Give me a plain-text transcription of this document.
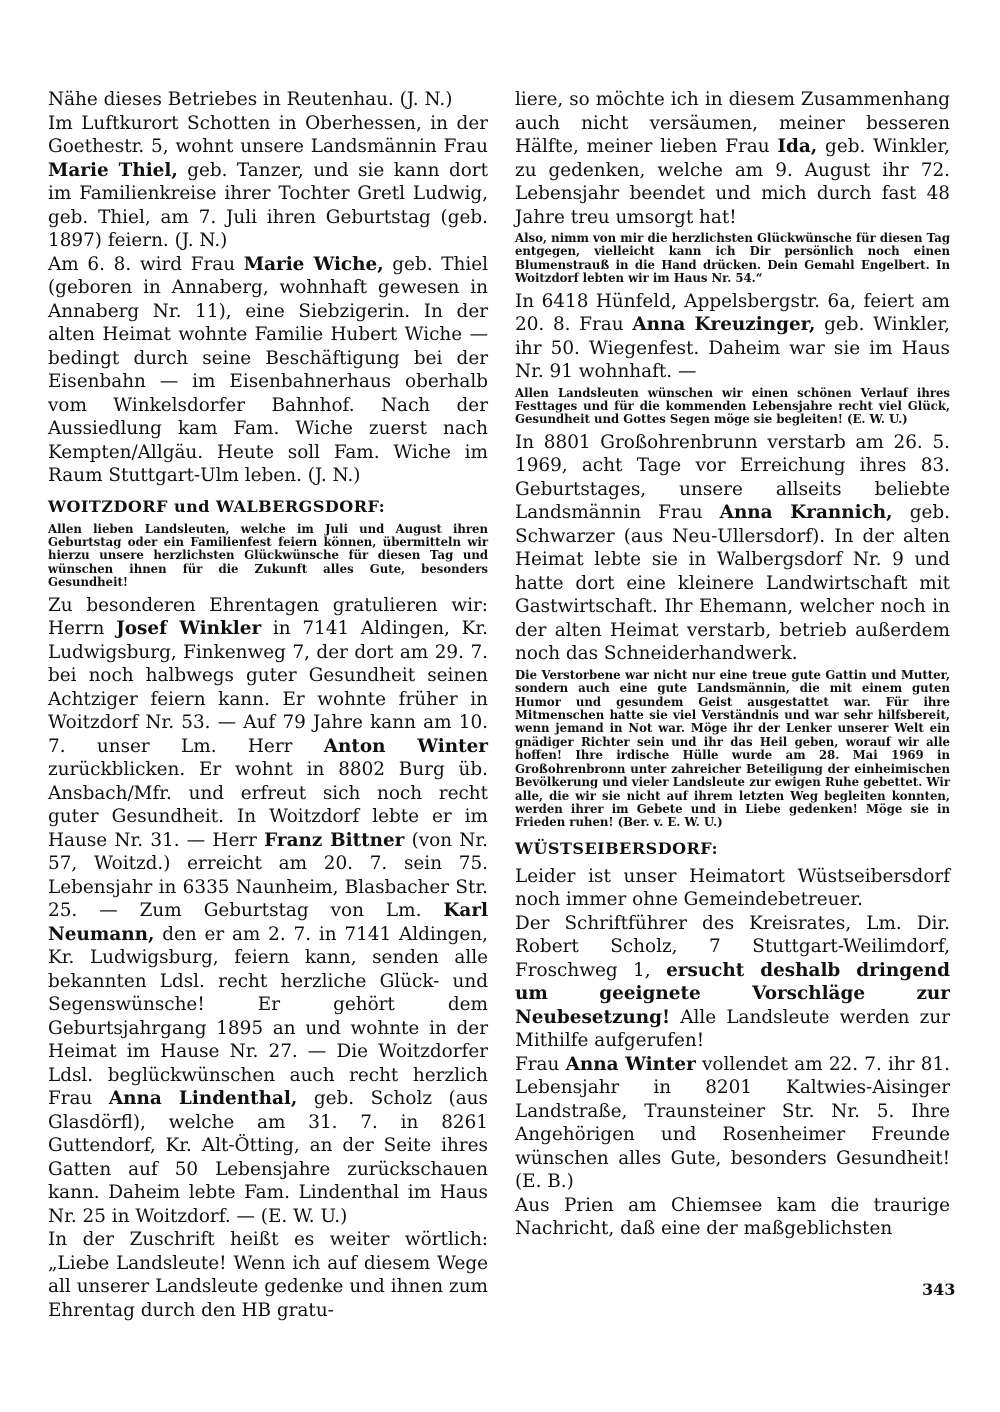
Nähe dieses Betriebes in Reutenhau. (J. N.)

Im Luftkurort Schotten in Oberhessen, in der Goethestr. 5, wohnt unsere Landsmännin Frau Marie Thiel, geb. Tanzer, und sie kann dort im Familienkreise ihrer Tochter Gretl Ludwig, geb. Thiel, am 7. Juli ihren Geburtstag (geb. 1897) feiern. (J. N.)

Am 6. 8. wird Frau Marie Wiche, geb. Thiel (geboren in Annaberg, wohnhaft gewesen in Annaberg Nr. 11), eine Siebzigerin. In der alten Heimat wohnte Familie Hubert Wiche — bedingt durch seine Beschäftigung bei der Eisenbahn — im Eisenbahnerhaus oberhalb vom Winkelsdorfer Bahnhof. Nach der Aussiedlung kam Fam. Wiche zuerst nach Kempten/Allgäu. Heute soll Fam. Wiche im Raum Stuttgart-Ulm leben. (J. N.)

WOITZDORF und WALBERGSDORF:

Allen lieben Landsleuten, welche im Juli und August ihren Geburtstag oder ein Familienfest feiern können, übermitteln wir hierzu unsere herzlichsten Glückwünsche für diesen Tag und wünschen ihnen für die Zukunft alles Gute, besonders Gesundheit!

Zu besonderen Ehrentagen gratulieren wir: Herrn Josef Winkler in 7141 Aldingen, Kr. Ludwigsburg, Finkenweg 7, der dort am 29. 7. bei noch halbwegs guter Gesundheit seinen Achtziger feiern kann. Er wohnte früher in Woitzdorf Nr. 53. — Auf 79 Jahre kann am 10. 7. unser Lm. Herr Anton Winter zurückblicken. Er wohnt in 8802 Burg üb. Ansbach/Mfr. und erfreut sich noch recht guter Gesundheit. In Woitzdorf lebte er im Hause Nr. 31. — Herr Franz Bittner (von Nr. 57, Woitzd.) erreicht am 20. 7. sein 75. Lebensjahr in 6335 Naunheim, Blasbacher Str. 25. — Zum Geburtstag von Lm. Karl Neumann, den er am 2. 7. in 7141 Aldingen, Kr. Ludwigsburg, feiern kann, senden alle bekannten Ldsl. recht herzliche Glück- und Segenswünsche! Er gehört dem Geburtsjahrgang 1895 an und wohnte in der Heimat im Hause Nr. 27. — Die Woitzdorfer Ldsl. beglückwünschen auch recht herzlich Frau Anna Lindenthal, geb. Scholz (aus Glasdörfl), welche am 31. 7. in 8261 Guttendorf, Kr. Alt-Ötting, an der Seite ihres Gatten auf 50 Lebensjahre zurückschauen kann. Daheim lebte Fam. Lindenthal im Haus Nr. 25 in Woitzdorf. — (E. W. U.)

In der Zuschrift heißt es weiter wörtlich: „Liebe Landsleute! Wenn ich auf diesem Wege all unserer Landsleute gedenke und ihnen zum Ehrentag durch den HB gratu-

liere, so möchte ich in diesem Zusammenhang auch nicht versäumen, meiner besseren Hälfte, meiner lieben Frau Ida, geb. Winkler, zu gedenken, welche am 9. August ihr 72. Lebensjahr beendet und mich durch fast 48 Jahre treu umsorgt hat!

Also, nimm von mir die herzlichsten Glückwünsche für diesen Tag entgegen, vielleicht kann ich Dir persönlich noch einen Blumenstrauß in die Hand drücken. Dein Gemahl Engelbert. In Woitzdorf lebten wir im Haus Nr. 54.“

In 6418 Hünfeld, Appelsbergstr. 6a, feiert am 20. 8. Frau Anna Kreuzinger, geb. Winkler, ihr 50. Wiegenfest. Daheim war sie im Haus Nr. 91 wohnhaft. —

Allen Landsleuten wünschen wir einen schönen Verlauf ihres Festtages und für die kommenden Lebensjahre recht viel Glück, Gesundheit und Gottes Segen möge sie begleiten! (E. W. U.)

In 8801 Großohrenbrunn verstarb am 26. 5. 1969, acht Tage vor Erreichung ihres 83. Geburtstages, unsere allseits beliebte Landsmännin Frau Anna Krannich, geb. Schwarzer (aus Neu-Ullersdorf). In der alten Heimat lebte sie in Walbergsdorf Nr. 9 und hatte dort eine kleinere Landwirtschaft mit Gastwirtschaft. Ihr Ehemann, welcher noch in der alten Heimat verstarb, betrieb außerdem noch das Schneiderhandwerk.

Die Verstorbene war nicht nur eine treue gute Gattin und Mutter, sondern auch eine gute Landsmännin, die mit einem guten Humor und gesundem Geist ausgestattet war. Für ihre Mitmenschen hatte sie viel Verständnis und war sehr hilfsbereit, wenn jemand in Not war. Möge ihr der Lenker unserer Welt ein gnädiger Richter sein und ihr das Heil geben, worauf wir alle hoffen! Ihre irdische Hülle wurde am 28. Mai 1969 in Großohrenbronn unter zahreicher Beteiligung der einheimischen Bevölkerung und vieler Landsleute zur ewigen Ruhe gebettet. Wir alle, die wir sie nicht auf ihrem letzten Weg begleiten konnten, werden ihrer im Gebete und in Liebe gedenken! Möge sie in Frieden ruhen! (Ber. v. E. W. U.)

WÜSTSEIBERSDORF:

Leider ist unser Heimatort Wüstseibersdorf noch immer ohne Gemeindebetreuer.

Der Schriftführer des Kreisrates, Lm. Dir. Robert Scholz, 7 Stuttgart-Weilimdorf, Froschweg 1, ersucht deshalb dringend um geeignete Vorschläge zur Neubesetzung! Alle Landsleute werden zur Mithilfe aufgerufen!

Frau Anna Winter vollendet am 22. 7. ihr 81. Lebensjahr in 8201 Kaltwies-Aisinger Landstraße, Traunsteiner Str. Nr. 5. Ihre Angehörigen und Rosenheimer Freunde wünschen alles Gute, besonders Gesundheit! (E. B.)

Aus Prien am Chiemsee kam die traurige Nachricht, daß eine der maßgeblichsten

343
